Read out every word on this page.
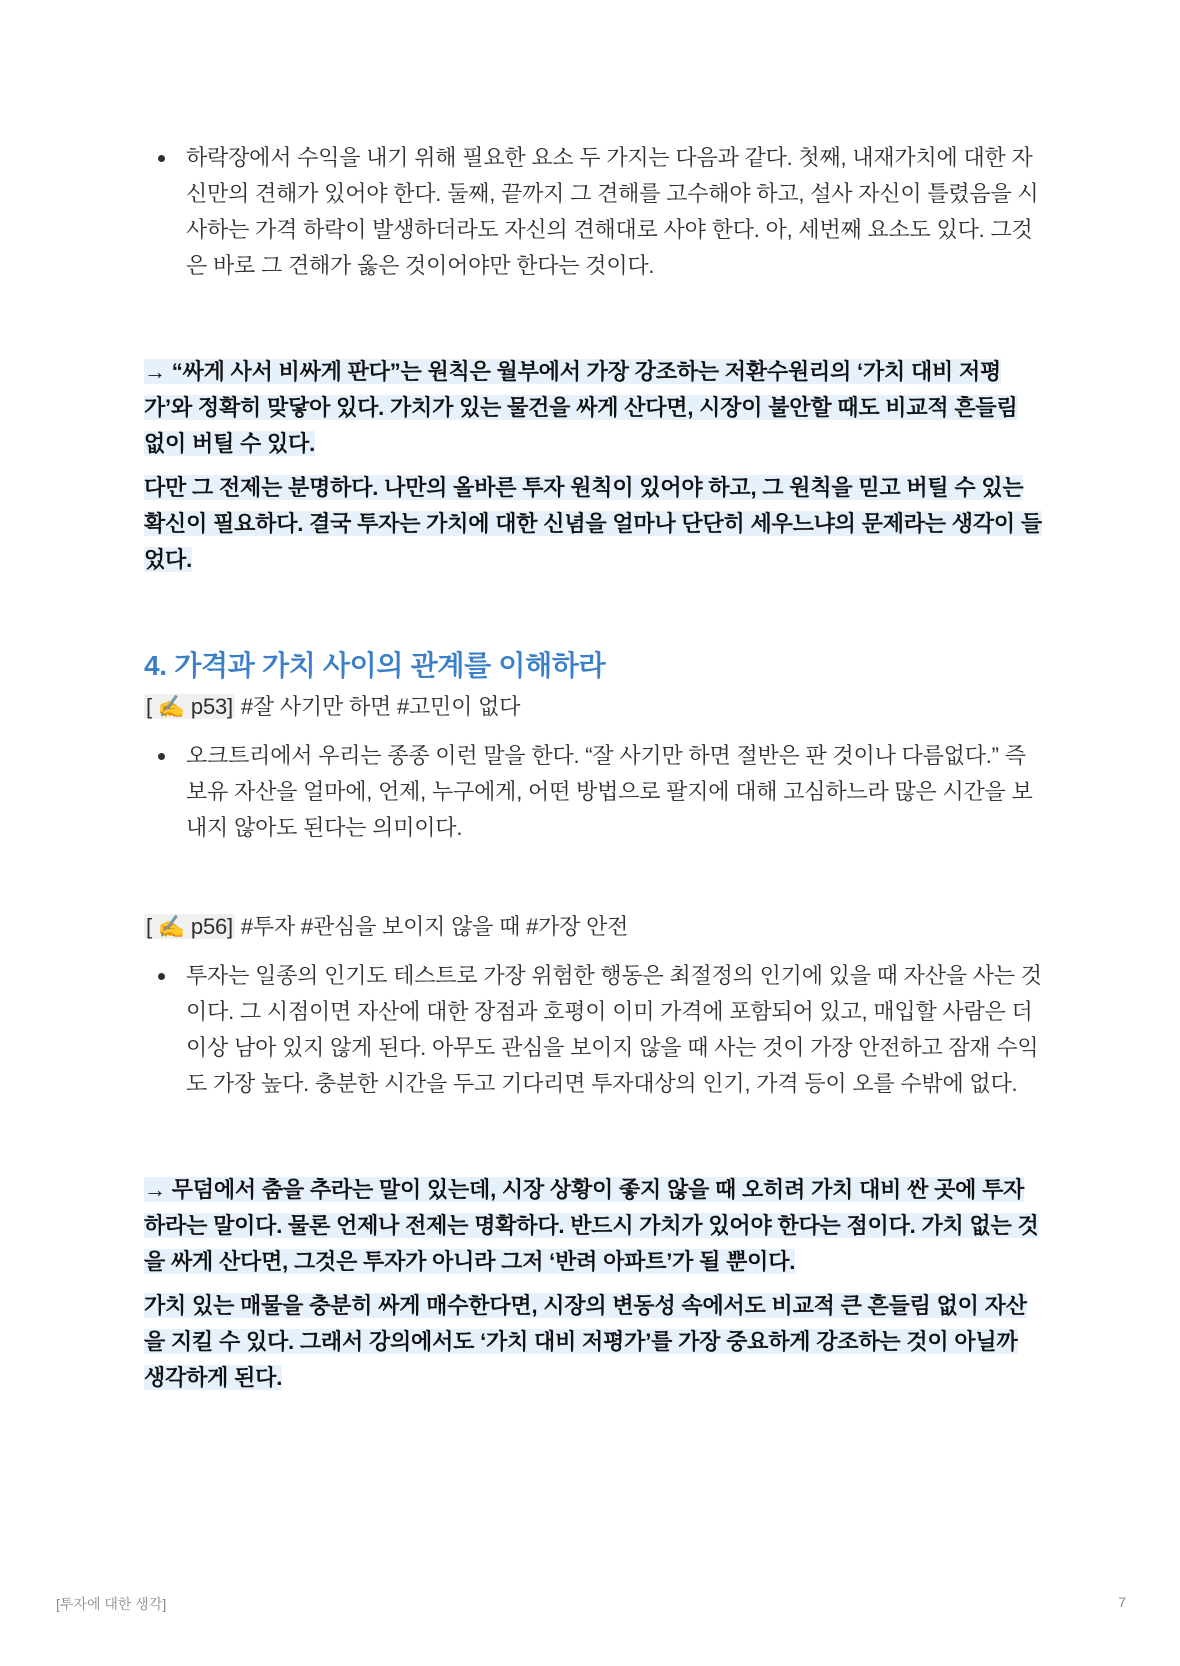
하락장에서 수익을 내기 위해 필요한 요소 두 가지는 다음과 같다. 첫째, 내재가치에 대한 자신만의 견해가 있어야 한다. 둘째, 끝까지 그 견해를 고수해야 하고, 설사 자신이 틀렸음을 시사하는 가격 하락이 발생하더라도 자신의 견해대로 사야 한다. 아, 세번째 요소도 있다. 그것은 바로 그 견해가 옳은 것이어야만 한다는 것이다.

→ “싸게 사서 비싸게 판다”는 원칙은 월부에서 가장 강조하는 저환수원리의 ‘가치 대비 저평가’와 정확히 맞닿아 있다. 가치가 있는 물건을 싸게 산다면, 시장이 불안할 때도 비교적 흔들림 없이 버틸 수 있다.

다만 그 전제는 분명하다. 나만의 올바른 투자 원칙이 있어야 하고, 그 원칙을 믿고 버틸 수 있는 확신이 필요하다. 결국 투자는 가치에 대한 신념을 얼마나 단단히 세우느냐의 문제라는 생각이 들었다.

4. 가격과 가치 사이의 관계를 이해하라

[ ✍️ p53] #잘 사기만 하면 #고민이 없다

오크트리에서 우리는 종종 이런 말을 한다. “잘 사기만 하면 절반은 판 것이나 다름없다.” 즉 보유 자산을 얼마에, 언제, 누구에게, 어떤 방법으로 팔지에 대해 고심하느라 많은 시간을 보내지 않아도 된다는 의미이다.

[ ✍️ p56] #투자 #관심을 보이지 않을 때 #가장 안전

투자는 일종의 인기도 테스트로 가장 위험한 행동은 최절정의 인기에 있을 때 자산을 사는 것이다. 그 시점이면 자산에 대한 장점과 호평이 이미 가격에 포함되어 있고, 매입할 사람은 더 이상 남아 있지 않게 된다. 아무도 관심을 보이지 않을 때 사는 것이 가장 안전하고 잠재 수익도 가장 높다. 충분한 시간을 두고 기다리면 투자대상의 인기, 가격 등이 오를 수밖에 없다.

→ 무덤에서 춤을 추라는 말이 있는데, 시장 상황이 좋지 않을 때 오히려 가치 대비 싼 곳에 투자하라는 말이다. 물론 언제나 전제는 명확하다. 반드시 가치가 있어야 한다는 점이다. 가치 없는 것을 싸게 산다면, 그것은 투자가 아니라 그저 ‘반려 아파트’가 될 뿐이다.

가치 있는 매물을 충분히 싸게 매수한다면, 시장의 변동성 속에서도 비교적 큰 흔들림 없이 자산을 지킬 수 있다. 그래서 강의에서도 ‘가치 대비 저평가’를 가장 중요하게 강조하는 것이 아닐까 생각하게 된다.

[투자에 대한 생각]	7
